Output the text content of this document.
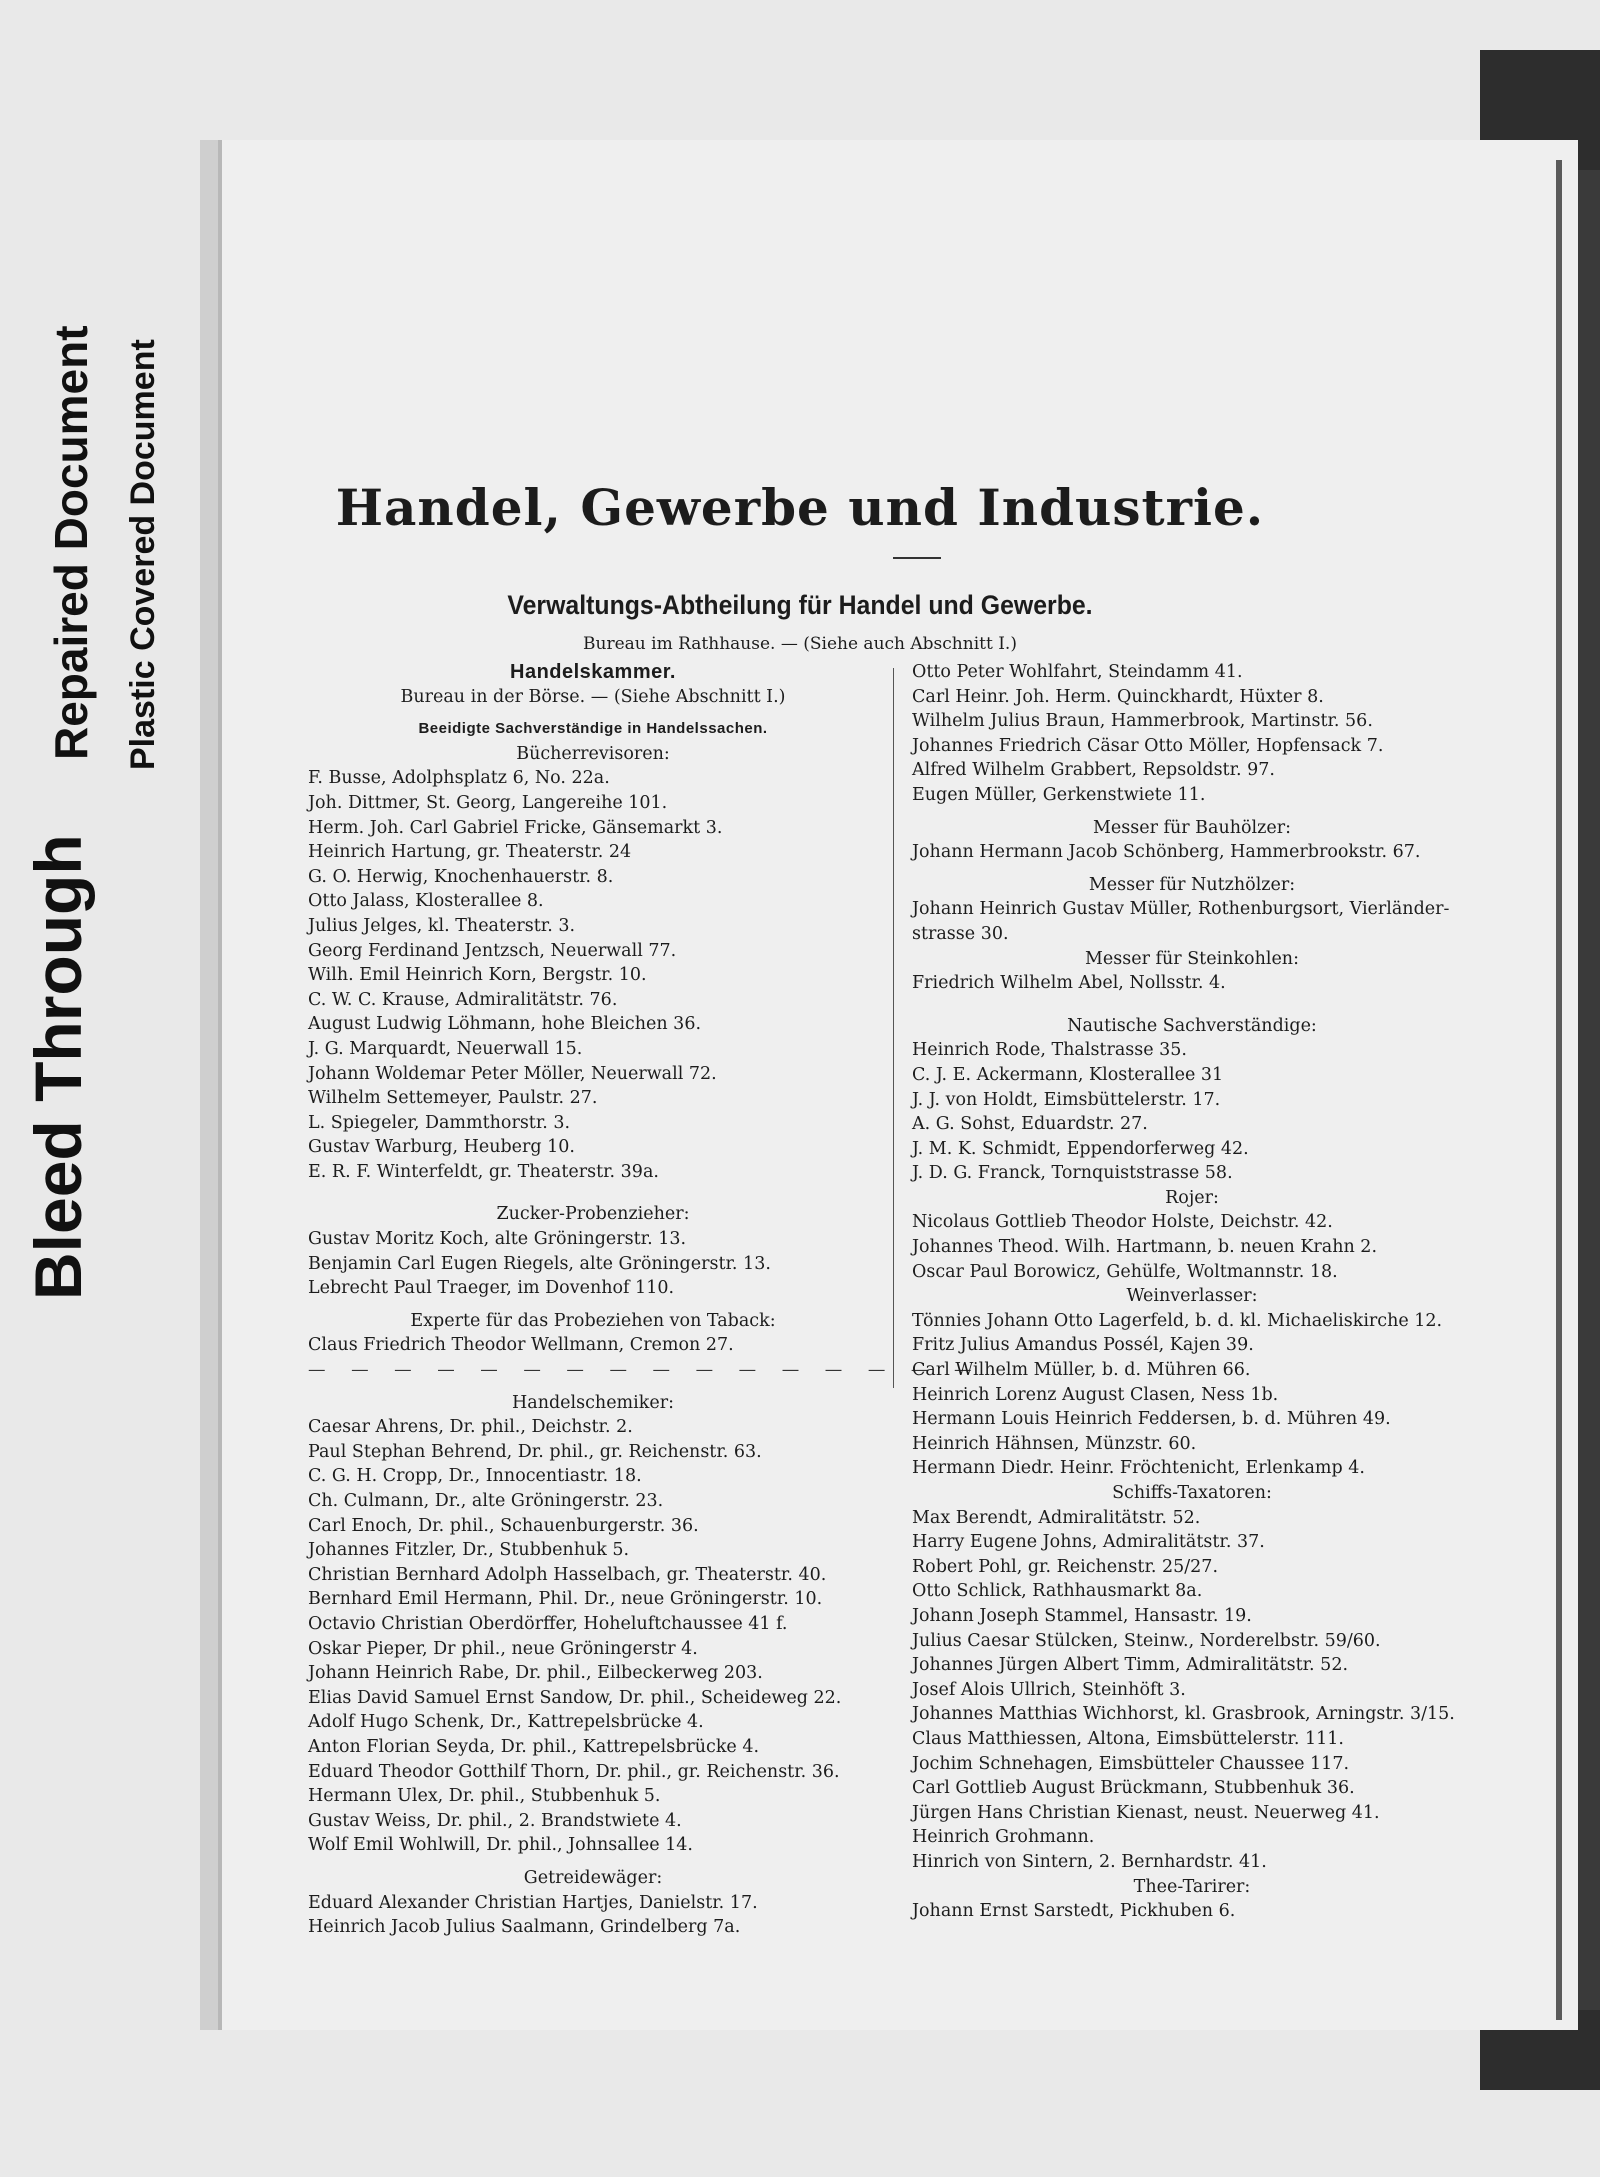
Bleed Through
Repaired Document Plastic Covered Document	Handel, Gewerbe und Industrie.
Verwaltungs-Abtheilung für Handel und Gewerbe.
Bureau im Rathhause. — (Siehe auch Abschnitt I.)
Handelskammer.
Bureau in der Börse. — (Siehe Abschnitt I.)
Beeidigte Sachverständige in Handelssachen.
Bücherrevisoren:
F. Busse, Adolphsplatz 6, No. 22a.
Joh. Dittmer, St. Georg, Langereihe 101.
Herm. Joh. Carl Gabriel Fricke, Gänsemarkt 3.
Heinrich Hartung, gr. Theaterstr. 24
G. O. Herwig, Knochenhauerstr. 8.
Otto Jalass, Klosterallee 8.
Julius Jelges, kl. Theaterstr. 3.
Georg Ferdinand Jentzsch, Neuerwall 77.
Wilh. Emil Heinrich Korn, Bergstr. 10.
C. W. C. Krause, Admiralitätstr. 76.
August Ludwig Löhmann, hohe Bleichen 36.
J. G. Marquardt, Neuerwall 15.
Johann Woldemar Peter Möller, Neuerwall 72.
Wilhelm Settemeyer, Paulstr. 27.
L. Spiegeler, Dammthorstr. 3.
Gustav Warburg, Heuberg 10.
E. R. F. Winterfeldt, gr. Theaterstr. 39a.
Zucker-Probenzieher:
Gustav Moritz Koch, alte Gröningerstr. 13.
Benjamin Carl Eugen Riegels, alte Gröningerstr. 13.
Lebrecht Paul Traeger, im Dovenhof 110.
Experte für das Probeziehen von Taback:
Claus Friedrich Theodor Wellmann, Cremon 27.
— — — — — — — — — — — — — — — —
Handelschemiker:
Caesar Ahrens, Dr. phil., Deichstr. 2.
Paul Stephan Behrend, Dr. phil., gr. Reichenstr. 63.
C. G. H. Cropp, Dr., Innocentiastr. 18.
Ch. Culmann, Dr., alte Gröningerstr. 23.
Carl Enoch, Dr. phil., Schauenburgerstr. 36.
Johannes Fitzler, Dr., Stubbenhuk 5.
Christian Bernhard Adolph Hasselbach, gr. Theaterstr. 40.
Bernhard Emil Hermann, Phil. Dr., neue Gröningerstr. 10.
Octavio Christian Oberdörffer, Hoheluftchaussee 41 f.
Oskar Pieper, Dr phil., neue Gröningerstr 4.
Johann Heinrich Rabe, Dr. phil., Eilbeckerweg 203.
Elias David Samuel Ernst Sandow, Dr. phil., Scheideweg 22.
Adolf Hugo Schenk, Dr., Kattrepelsbrücke 4.
Anton Florian Seyda, Dr. phil., Kattrepelsbrücke 4.
Eduard Theodor Gotthilf Thorn, Dr. phil., gr. Reichenstr. 36.
Hermann Ulex, Dr. phil., Stubbenhuk 5.
Gustav Weiss, Dr. phil., 2. Brandstwiete 4.
Wolf Emil Wohlwill, Dr. phil., Johnsallee 14.
Getreidewäger:
Eduard Alexander Christian Hartjes, Danielstr. 17.
Heinrich Jacob Julius Saalmann, Grindelberg 7a.
Otto Peter Wohlfahrt, Steindamm 41.
Carl Heinr. Joh. Herm. Quinckhardt, Hüxter 8.
Wilhelm Julius Braun, Hammerbrook, Martinstr. 56.
Johannes Friedrich Cäsar Otto Möller, Hopfensack 7.
Alfred Wilhelm Grabbert, Repsoldstr. 97.
Eugen Müller, Gerkenstwiete 11.
Messer für Bauhölzer:
Johann Hermann Jacob Schönberg, Hammerbrookstr. 67.
Messer für Nutzhölzer:
Johann Heinrich Gustav Müller, Rothenburgsort, Vierländer-
strasse 30.
Messer für Steinkohlen:
Friedrich Wilhelm Abel, Nollsstr. 4.
Nautische Sachverständige:
Heinrich Rode, Thalstrasse 35.
C. J. E. Ackermann, Klosterallee 31
J. J. von Holdt, Eimsbüttelerstr. 17.
A. G. Sohst, Eduardstr. 27.
J. M. K. Schmidt, Eppendorferweg 42.
J. D. G. Franck, Tornquiststrasse 58.
Rojer:
Nicolaus Gottlieb Theodor Holste, Deichstr. 42.
Johannes Theod. Wilh. Hartmann, b. neuen Krahn 2.
Oscar Paul Borowicz, Gehülfe, Woltmannstr. 18.
Weinverlasser:
Tönnies Johann Otto Lagerfeld, b. d. kl. Michaeliskirche 12.
Fritz Julius Amandus Possél, Kajen 39.
Carl Wilhelm Müller, b. d. Mühren 66.
Heinrich Lorenz August Clasen, Ness 1b.
Hermann Louis Heinrich Feddersen, b. d. Mühren 49.
Heinrich Hähnsen, Münzstr. 60.
Hermann Diedr. Heinr. Fröchtenicht, Erlenkamp 4.
Schiffs-Taxatoren:
Max Berendt, Admiralitätstr. 52.
Harry Eugene Johns, Admiralitätstr. 37.
Robert Pohl, gr. Reichenstr. 25/27.
Otto Schlick, Rathhausmarkt 8a.
Johann Joseph Stammel, Hansastr. 19.
Julius Caesar Stülcken, Steinw., Norderelbstr. 59/60.
Johannes Jürgen Albert Timm, Admiralitätstr. 52.
Josef Alois Ullrich, Steinhöft 3.
Johannes Matthias Wichhorst, kl. Grasbrook, Arningstr. 3/15.
Claus Matthiessen, Altona, Eimsbüttelerstr. 111.
Jochim Schnehagen, Eimsbütteler Chaussee 117.
Carl Gottlieb August Brückmann, Stubbenhuk 36.
Jürgen Hans Christian Kienast, neust. Neuerweg 41.
Heinrich Grohmann.
Hinrich von Sintern, 2. Bernhardstr. 41.
Thee-Tarirer:
Johann Ernst Sarstedt, Pickhuben 6.
